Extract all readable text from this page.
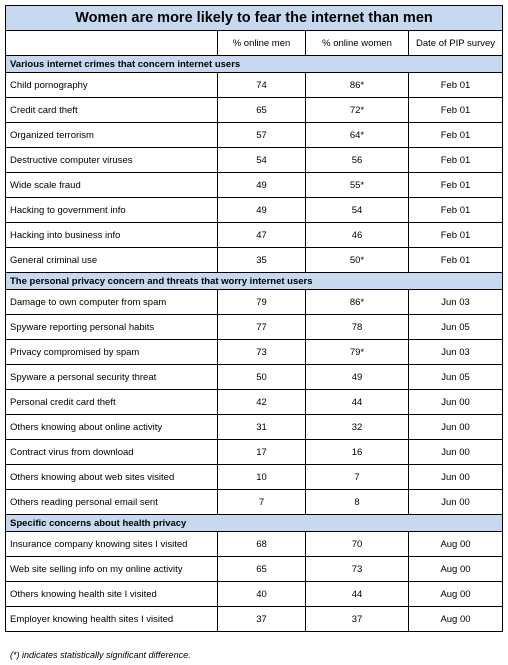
Women are more likely to fear the internet than men			
	% online men	% online women	Date of PIP survey
Various internet crimes that concern internet users			
Child pornography	74	86*	Feb 01
Credit card theft	65	72*	Feb 01
Organized terrorism	57	64*	Feb 01
Destructive computer viruses	54	56	Feb 01
Wide scale fraud	49	55*	Feb 01
Hacking to government info	49	54	Feb 01
Hacking into business info	47	46	Feb 01
General criminal use	35	50*	Feb 01
The personal privacy concern and threats that worry internet users			
Damage to own computer from spam	79	86*	Jun 03
Spyware reporting personal habits	77	78	Jun 05
Privacy compromised by spam	73	79*	Jun 03
Spyware a personal security threat	50	49	Jun 05
Personal credit card theft	42	44	Jun 00
Others knowing about online activity	31	32	Jun 00
Contract virus from download	17	16	Jun 00
Others knowing about web sites visited	10	7	Jun 00
Others reading personal email sent	7	8	Jun 00
Specific concerns about health privacy			
Insurance company knowing sites I visited	68	70	Aug 00
Web site selling info on my online activity	65	73	Aug 00
Others knowing health site I visited	40	44	Aug 00
Employer knowing health sites I visited	37	37	Aug 00
(*) indicates statistically significant difference.
